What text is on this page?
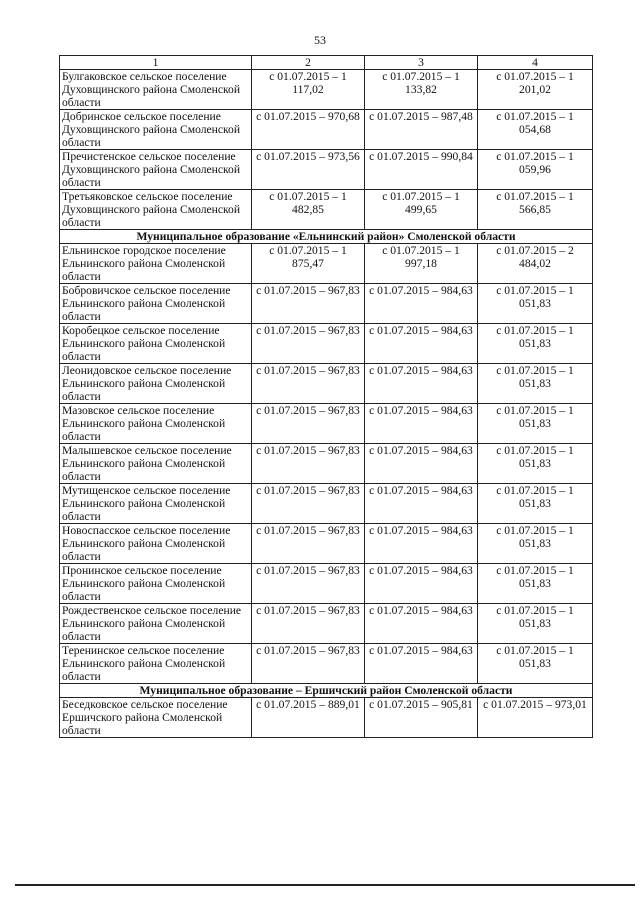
53
1	2	3	4
Булгаковское сельское поселение Духовщинского района Смоленской области	с 01.07.2015 – 1 117,02	с 01.07.2015 – 1 133,82	с 01.07.2015 – 1 201,02
Добринское сельское поселение Духовщинского района Смоленской области	с 01.07.2015 – 970,68	с 01.07.2015 – 987,48	с 01.07.2015 – 1 054,68
Пречистенское сельское поселение Духовщинского района Смоленской области	с 01.07.2015 – 973,56	с 01.07.2015 – 990,84	с 01.07.2015 – 1 059,96
Третьяковское сельское поселение Духовщинского района Смоленской области	с 01.07.2015 – 1 482,85	с 01.07.2015 – 1 499,65	с 01.07.2015 – 1 566,85
Муниципальное образование «Ельнинский район» Смоленской области			
Ельнинское городское поселение Ельнинского района Смоленской области	с 01.07.2015 – 1 875,47	с 01.07.2015 – 1 997,18	с 01.07.2015 – 2 484,02
Бобровичское сельское поселение Ельнинского района Смоленской области	с 01.07.2015 – 967,83	с 01.07.2015 – 984,63	с 01.07.2015 – 1 051,83
Коробецкое сельское поселение Ельнинского района Смоленской области	с 01.07.2015 – 967,83	с 01.07.2015 – 984,63	с 01.07.2015 – 1 051,83
Леонидовское сельское поселение Ельнинского района Смоленской области	с 01.07.2015 – 967,83	с 01.07.2015 – 984,63	с 01.07.2015 – 1 051,83
Мазовское сельское поселение Ельнинского района Смоленской области	с 01.07.2015 – 967,83	с 01.07.2015 – 984,63	с 01.07.2015 – 1 051,83
Малышевское сельское поселение Ельнинского района Смоленской области	с 01.07.2015 – 967,83	с 01.07.2015 – 984,63	с 01.07.2015 – 1 051,83
Мутищенское сельское поселение Ельнинского района Смоленской области	с 01.07.2015 – 967,83	с 01.07.2015 – 984,63	с 01.07.2015 – 1 051,83
Новоспасское сельское поселение Ельнинского района Смоленской области	с 01.07.2015 – 967,83	с 01.07.2015 – 984,63	с 01.07.2015 – 1 051,83
Пронинское сельское поселение Ельнинского района Смоленской области	с 01.07.2015 – 967,83	с 01.07.2015 – 984,63	с 01.07.2015 – 1 051,83
Рождественское сельское поселение Ельнинского района Смоленской области	с 01.07.2015 – 967,83	с 01.07.2015 – 984,63	с 01.07.2015 – 1 051,83
Теренинское сельское поселение Ельнинского района Смоленской области	с 01.07.2015 – 967,83	с 01.07.2015 – 984,63	с 01.07.2015 – 1 051,83
Муниципальное образование – Ершичский район Смоленской области			
Беседковское сельское поселение Ершичского района Смоленской области	с 01.07.2015 – 889,01	с 01.07.2015 – 905,81	с 01.07.2015 – 973,01
